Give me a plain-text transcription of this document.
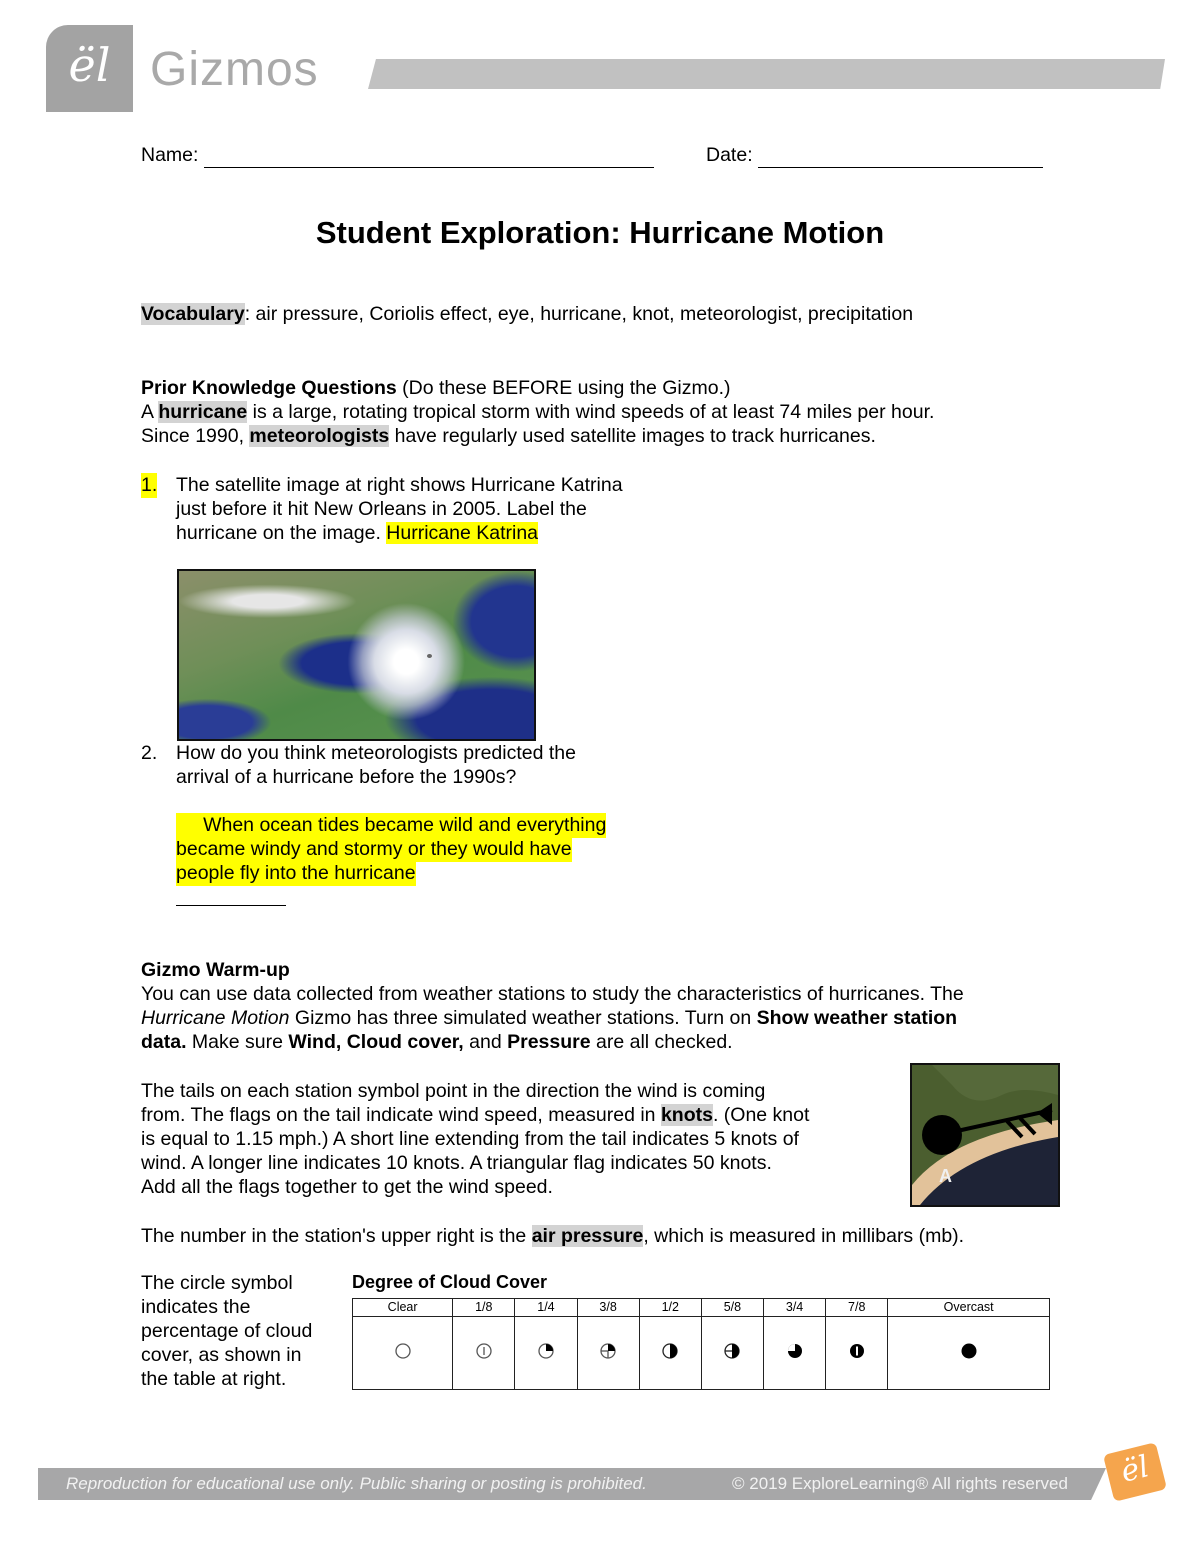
ël Gizmos
Name:	Date:
Student Exploration: Hurricane Motion
Vocabulary: air pressure, Coriolis effect, eye, hurricane, knot, meteorologist, precipitation
Prior Knowledge Questions (Do these BEFORE using the Gizmo.)
A hurricane is a large, rotating tropical storm with wind speeds of at least 74 miles per hour.
Since 1990, meteorologists have regularly used satellite images to track hurricanes.
1. The satellite image at right shows Hurricane Katrina
just before it hit New Orleans in 2005. Label the
hurricane on the image. Hurricane Katrina
2. How do you think meteorologists predicted the
arrival of a hurricane before the 1990s?
When ocean tides became wild and everything
became windy and stormy or they would have
people fly into the hurricane
Gizmo Warm-up
You can use data collected from weather stations to study the characteristics of hurricanes. The
Hurricane Motion Gizmo has three simulated weather stations. Turn on Show weather station
data. Make sure Wind, Cloud cover, and Pressure are all checked.
The tails on each station symbol point in the direction the wind is coming
from. The flags on the tail indicate wind speed, measured in knots. (One knot
is equal to 1.15 mph.) A short line extending from the tail indicates 5 knots of
wind. A longer line indicates 10 knots. A triangular flag indicates 50 knots.
Add all the flags together to get the wind speed.	A
The number in the station's upper right is the air pressure, which is measured in millibars (mb).
The circle symbol
indicates the
percentage of cloud
cover, as shown in
the table at right.
Degree of Cloud Cover
Clear	1/8	1/4	3/8	1/2	5/8	3/4	7/8	Overcast

Reproduction for educational use only. Public sharing or posting is prohibited.	© 2019 ExploreLearning® All rights reserved	ël
